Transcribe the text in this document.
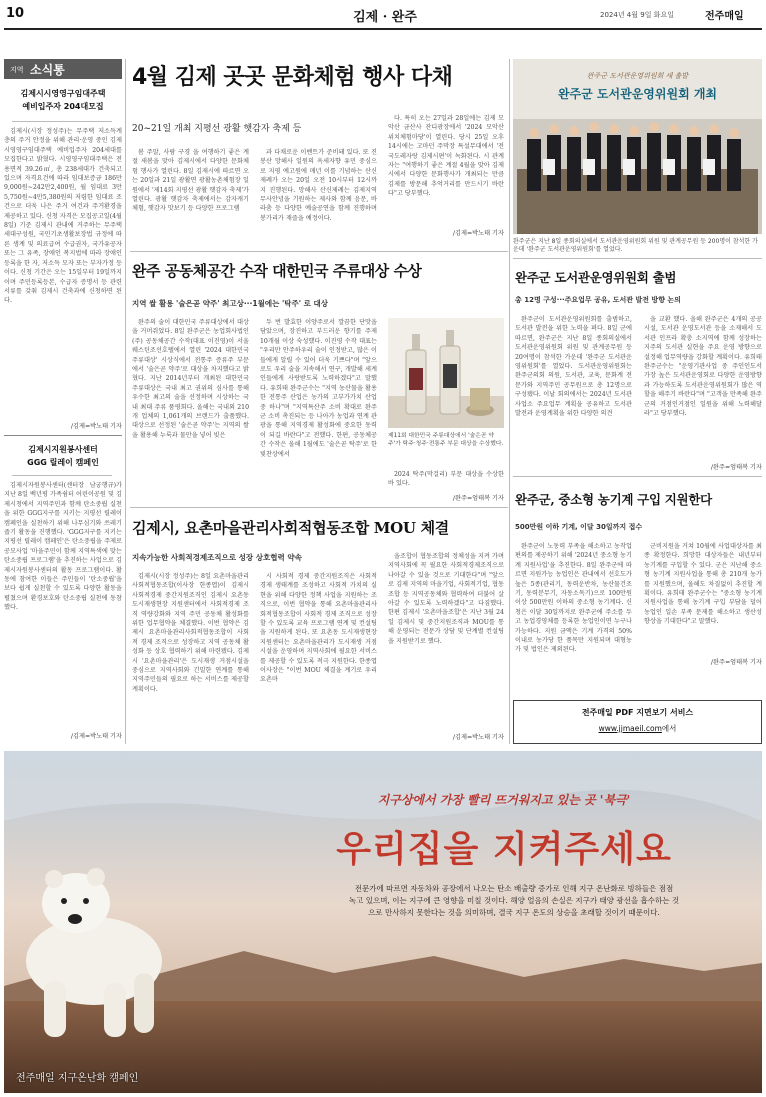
10	김제 · 완주	2024년 4월 9일 화요일	전주매일
지역 소식통
김제시시영영구임대주택
예비입주자 204대모집
김제시(시장 정성주)는 무주택 저소득계층의 주거 안정을 위해 관리·운영 중인 김제시영영구임대주택 예비입주자 204세대를 모집한다고 밝혔다. 시영영구임대주택은 전용면적 39.26㎡, 총 238세대가 건축되고 있으며 자격요건에 따라 임대보증금 186만9,000원~242만2,400원, 월 임대료 3만5,750원~4만5,380원의 저렴한 임대료 조건으로 더욱 나은 주거 여건과 주거환경을 제공하고 있다. 신청 자격은 모집공고일(4월 8일) 기준 김제시 관내에 거주하는 무주택 세대구성원, 국민기초생활보장법 규정에 따른 생계 및 의료급여 수급권자, 국가유공자 또는 그 유족, 장애인 복지법에 따라 장애인 등록을 한 자, 저소득 모자 또는 부자가정 등이다. 신청 기간은 오는 15일부터 19일까지이며 주민등록등본, 수급자 증명서 등 관련 서류를 갖춰 김제시 건축과에 신청하면 된다.
/김제=박노태 기자
김제시지원봉사센터
GGG 릴레이 캠페인
김제시자원봉사센터(센터장 남궁행규)가 지난 8일 백년평 가족쉼터 어린이공원 및 김제시청에서 지역주민과 함께 탄소중립 실천을 위한 GGG지구를 지키는 지평선 릴레이캠페인을 실천하기 위해 나무심기와 쓰레기 줍기 활동을 진행했다. 'GGG지구를 지키는 지평선 릴레이 캠페인'은 탄소중립을 주제로 공모사업 '마을주민이 함께 지역특색에 맞는 탄소중립 프로그램'을 추진하는 사업으로 김제시자원봉사센터의 활동 프로그램이다. 활동에 참여한 이들은 주민들이 '탄소중립'을 보다 쉽게 실천할 수 있도록 다양한 활동을 펼쳤으며 환경보호와 탄소중립 실천에 동참했다.
/김제=박노태 기자
4월 김제 곳곳 문화체험 행사 다채
20~21일 개최 지평선 광활 햇감자 축제 등
봄 주말, 사람 구경 을 여행하기 좋은 계절 새봄을 맞아 김제시에서 다양한 문화체험 행사가 열린다. 8일 김제시에 따르면 오는 20일과 21일 광활면 광활농촌체험장 일원에서 '제14회 지평선 광활 햇감자 축제'가 열린다. 광활 햇감자 축제에서는 감자캐기 체험, 햇감자 맛보기 등 다양한 프로그램
과 다채로운 이벤트가 준비돼 있다. 또 진봉산 망해사 일원의 옥세자향 유민 중심으로 지평 예고원에 매년 이를 기념하는 산신제례가 오는 20일 오전 10시부터 12시까지 진행된다. 망해사 산신제례는 김제지역 무사안녕을 기원하는 제사와 함께 음문, 바라춤 등 다양한 예술공연을 함께 진행하며 봉가리가 재즐을 예정이다.
다. 특히 오는 27일과 28일에는 김제 모악산 금산사 잔디광장에서 '2024 모악산 위치체험마당'이 열린다. 당시 25일 오후 14시에는 고마던 주막장 특설무대에서 '전국도레자랑 김제시편'이 녹화된다. 시 관계자는 "여행하기 좋은 계절 4월을 맞아 김제시에서 다양한 문화행사가 개최되는 만큼 김제를 방문해 추억거리를 만드시기 바란다"고 당부했다.
/김제=박노태 기자
완주군 도서관운영위원회 새 출발
완주군 도서관운영위원회 개최
완주군은 지난 8일 종회의실에서 도서관운영위원회 위원 및 관계공무원 등 200명이 참석한 가운데 '완주군 도서관운영위원회'를 열었다.
완주 공동체공간 수작 대한민국 주류대상 수상
지역 쌀 활용 '술은곧 약주' 최고상···1월에는 '탁주' 로 대상
완주의 술이 대한민국 주류대상에서 대상을 거머쥐었다. 8일 완주군은 농업회사법인(주) 공동체공간 수작(대표 이진영)이 서울 웨스틴조선호텔에서 열린 '2024 대한민국 주류대상' 시상식에서 전통주 증류주 부문에서 '술은곧 약주'로 대상을 차지했다고 밝혔다. 지난 2014년부터 개최된 대한민국 주류대상은 국내 최고 권위의 심사를 통해 우수한 최고의 술을 선정하며 시상하는 국내 최대 주류 품평회다. 올해는 국내외 210개 업체의 1,061개의 브랜드가 출품했다. 대상으로 선정된 '술은곧 약주'는 지역의 쌀을 활용해 누룩과 물만을 넣어 빚은
두 번 발효한 이양주로서 깔끔한 단맛을 담았으며, 장진하고 부드러운 향기를 주제 10개월 이상 숙성했다. 이진영 수작 대표는 "우리만 안주하우리 술이 인정받고, 많은 이들에게 알릴 수 있어 더욱 기쁘다"며 "앞으로도 우리 술을 지속해서 연구, 개발해 세계인들에게 사랑받도록 노력하겠다"고 말했다. 유희태 완주군수는 "지역 농산물을 활용한 전통주 산업은 농가의 고부가가치 산업 중 하나"며 "지역특산주 소비 확대로 완주군 소비 촉진되는 등 나아가 농업과 연계 관광을 통해 지역경제 활성화에 중요한 동력이 되길 바란다"고 전했다. 한편, 공동체공간 수작은 올해 1월에도 '술은곧 탁주'로 한빛찬상에서
제11회 대한민국 주류대상에서 '술은곧 약주'가 탁주·청주·전통주 부문 대상을 수상했다.
2024 탁주(막걸리) 부문 대상을 수상한 바 있다.
/완주=엄태복 기자
완주군 도서관운영위원회 출범
총 12명 구성···주요업무 공유, 도서관 발전 방향 논의
완주군이 도서관운영위원회를 출범하고, 도서관 발전을 위한 노력을 펴다. 8일 군에 따르면, 완주군은 지난 8일 종회의실에서 도서관운영위원회 위원 및 관계공무원 등 20여명이 참석한 가운데 '완주군 도서관운영위원회'를 열었다. 도서관운영위원회는 완주군의회 의원, 도서관, 교육, 문화계 전문가와 지역주민 공무원으로 총 12명으로 구성됐다. 이날 회의에서는 2024년 도서관사업소 주요업무 계획을 공유하고 도서관 발전과 운영계획을 위한 다양한 의견
을 교환 했다. 올해 완주군은 4개의 공공 시설, 도서관 운영도서관 등을 소재해서 도서관 인프라 확충 소지역에 함께 성장하는 지주의 도서관 실현을 주요 운영 방향으로 설정해 업무역량을 강화할 계획이다. 유희태 완주군수는 "운영기관사업 중 주인인도서 가장 높은 도서관운영회로 다양한 운영방향과 가능하도록 도서관운영위원회가 많은 역할을 해주기 바란다"며 "고객을 만족해 완주군의 거점인거점인 일원을 위해 노력해달라"고 당부했다.
/완주=엄태복 기자
김제시, 요촌마을관리사회적협동조합 MOU 체결
지속가능한 사회적경제조직으로 성장 상호협력 약속
김제시(시장 정성주)는 8일 요촌마을관리사회적협동조합(이사장 한종엽)이 김제시 사회적경제 중간지원조직인 김제시 요촌동 도시재생현장 지원센터에서 사회적경제 조직 역량강화와 지역 주민 공동체 활성화를 위한 업무협약을 체결했다. 이번 협약은 김제시 요촌마을관리사회적협동조합이 사회적 경제 조직으로 성장하고 지역 공동체 활성화 등 상호 협력하기 위해 마련됐다. 김제시 '요촌마을관리'은 도시재생 거점시설을 중심으로 지역사회와 긴밀한 연계를 통해 지역주민들의 필요로 하는 서비스를 제공할 계획이다.
시 사회적 경제 중간지원조직은 사회적 경제 생태계를 조성하고 사회적 가치의 실현을 위해 다양한 정책 사업을 지원하는 조직으로, 이번 협약을 통해 요촌마을관리사회적협동조합이 사회적 경제 조직으로 성장할 수 있도록 교육 프로그램 연계 및 컨설팅을 지원하게 된다. 또 요촌동 도시재생현장지원센터는 요촌마을관리가 도시재생 거점시설을 운영하며 지역사회에 필요한 서비스를 제공할 수 있도록 적극 지원한다. 한종엽 이사장은 "이번 MOU 체결을 계기로 우리 요촌마
을조합이 협동조합의 정체성을 지켜 가며 지역사회에 꼭 필요한 사회적경제조직으로 나아갈 수 있을 것으로 기대한다"며 "앞으로 김제 지역의 마을기업, 사회적기업, 협동조합 등 지역공동체와 협력하여 더불어 살아갈 수 있도록 노력하겠다"고 다짐했다. 한편 김제시 '요촌마을조합'은 지난 3월 24일 김제시 및 중간지원조직과 MOU를 통해 운영되는 전문가 상담 및 단계별 컨설팅을 지원받기로 했다.
/김제=박노태 기자
완주군, 중소형 농기계 구입 지원한다
500만원 이하 기계, 이달 30일까지 접수
완주군이 노동력 부족을 해소하고 농작업 편의를 제공하기 위해 '2024년 중소형 농기계 지원사업'을 추진한다. 8일 완주군에 따르면 지원가능 농업인은 관내에서 선호도가 높은 5종(관리기, 동력운반차, 농산물건조기, 동력분무기, 자동소독기)으로 100만원 이상 500만원 이하의 중소형 농기계다. 신청은 이달 30일까지로 완주군에 주소를 두고 농업경영체를 등록한 농업인이면 누구나 가능하다. 지원 금액은 기계 가격의 50% 이내로 농가당 한 품목만 지원되며 대형농가 및 법인은 제외된다.
군비지원을 거쳐 10월에 사업대상자를 최종 확정한다. 희망한 대상자들은 내년부터 농기계를 구입할 수 있다. 군은 지난해 중소형 농기계 지원사업을 통해 총 210개 농가를 지원했으며, 올해도 차질없이 추진할 계획이다. 유희태 완주군수는 "중소형 농기계 지원사업을 통해 농기계 구입 부담을 덜어 농업인 일손 부족 문제를 해소하고 생산성 향상을 기대한다"고 말했다.
/완주=엄태복 기자
전주매일 PDF 지면보기 서비스
www.jjmaeil.com에서
지구상에서 가장 빨리 뜨거워지고 있는 곳 '북극'
우리집을 지켜주세요
전문가에 따르면 자동차와 공장에서 나오는 탄소 배출량 증가로 인해 지구 온난화로 빙하들은 점점
녹고 있으며, 이는 지구에 큰 영향을 미칠 것이다. 해양 얼음의 손실은 지구가 태양 광선을 흡수하는 것
으로 만사하지 못한다는 것을 의미하며, 결국 지구 온도의 상승을 초래할 것이기 때문이다.
전주매일 지구온난화 캠페인
